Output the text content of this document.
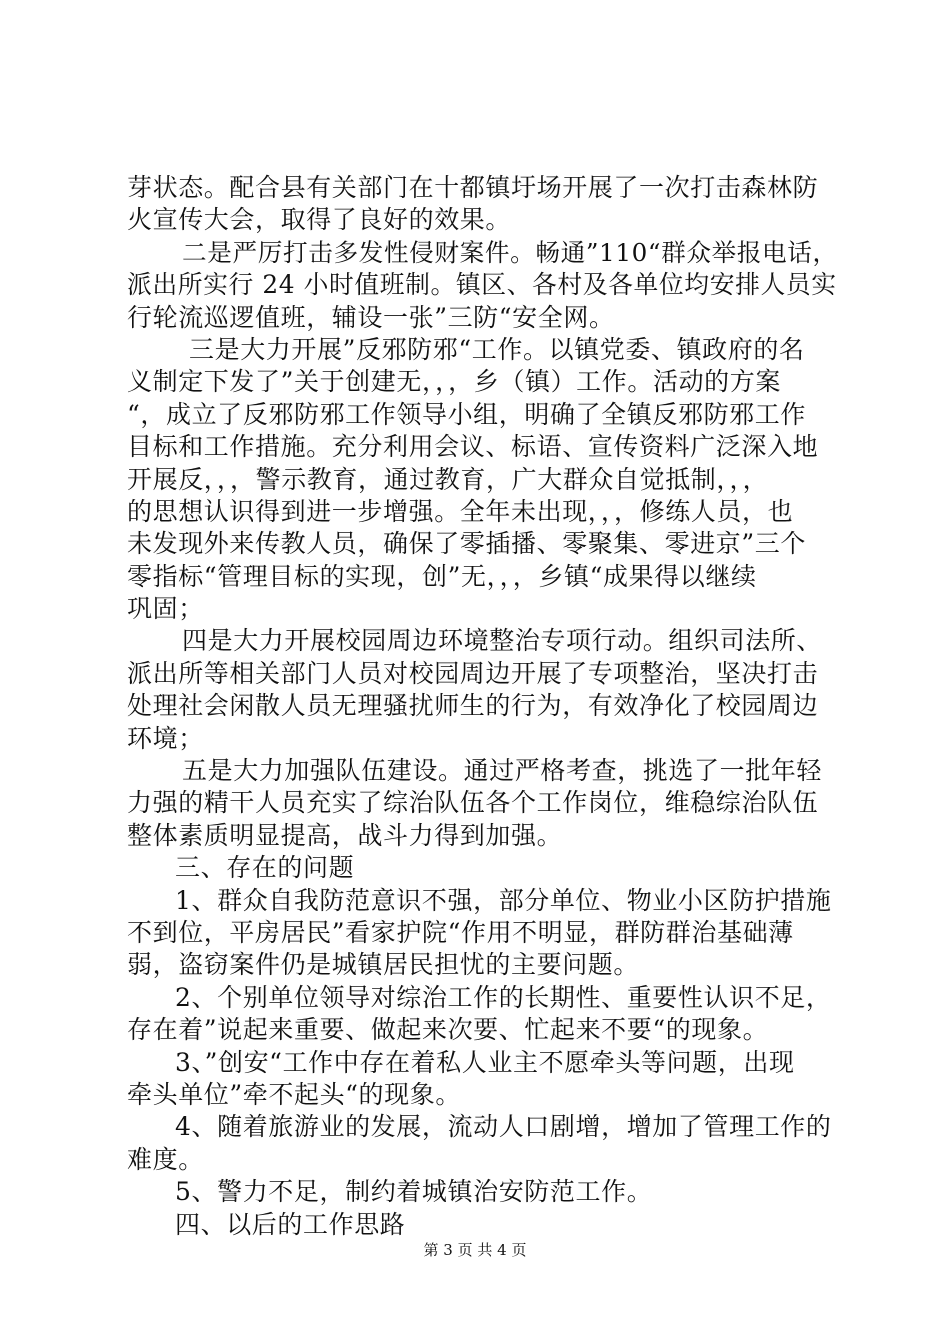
芽状态。配合县有关部门在十都镇圩场开展了一次打击森林防
火宣传大会，取得了良好的效果。
二是严厉打击多发性侵财案件。畅通”110“群众举报电话，
派出所实行 24 小时值班制。镇区、各村及各单位均安排人员实
行轮流巡逻值班，辅设一张”三防“安全网。
三是大力开展”反邪防邪“工作。以镇党委、镇政府的名
义制定下发了”关于创建无，，，乡（镇）工作。活动的方案
“，成立了反邪防邪工作领导小组，明确了全镇反邪防邪工作
目标和工作措施。充分利用会议、标语、宣传资料广泛深入地
开展反，，，警示教育，通过教育，广大群众自觉抵制，，，
的思想认识得到进一步增强。全年未出现，，，修练人员，也
未发现外来传教人员，确保了零插播、零聚集、零进京”三个
零指标“管理目标的实现，创”无，，，乡镇“成果得以继续
巩固；
四是大力开展校园周边环境整治专项行动。组织司法所、
派出所等相关部门人员对校园周边开展了专项整治，坚决打击
处理社会闲散人员无理骚扰师生的行为，有效净化了校园周边
环境；
五是大力加强队伍建设。通过严格考查，挑选了一批年轻
力强的精干人员充实了综治队伍各个工作岗位，维稳综治队伍
整体素质明显提高，战斗力得到加强。
三、存在的问题
1、群众自我防范意识不强，部分单位、物业小区防护措施
不到位，平房居民”看家护院“作用不明显，群防群治基础薄
弱，盗窃案件仍是城镇居民担忧的主要问题。
2、个别单位领导对综治工作的长期性、重要性认识不足，
存在着”说起来重要、做起来次要、忙起来不要“的现象。
3、”创安“工作中存在着私人业主不愿牵头等问题，出现
牵头单位”牵不起头“的现象。
4、随着旅游业的发展，流动人口剧增，增加了管理工作的
难度。
5、警力不足，制约着城镇治安防范工作。
四、以后的工作思路
第 3 页 共 4 页
